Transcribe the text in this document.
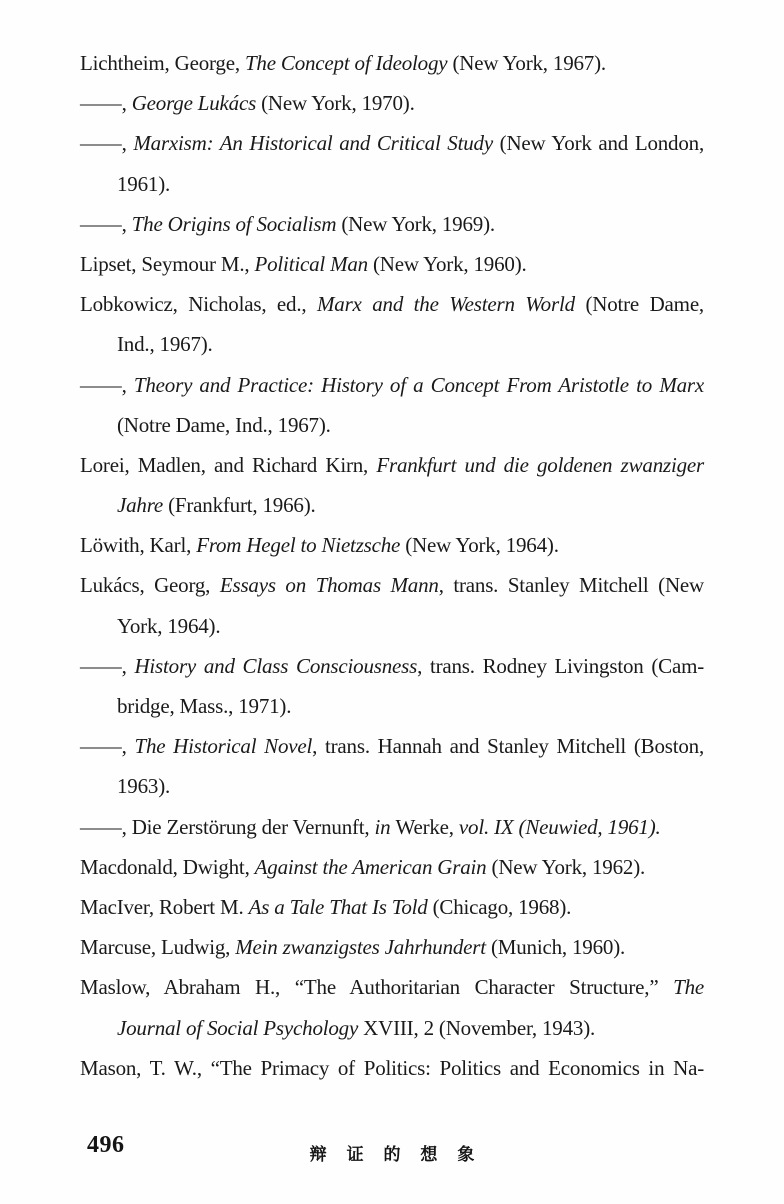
Lichtheim, George, The Concept of Ideology (New York, 1967).
——, George Lukács (New York, 1970).
——, Marxism: An Historical and Critical Study (New York and London,
1961).
——, The Origins of Socialism (New York, 1969).
Lipset, Seymour M., Political Man (New York, 1960).
Lobkowicz, Nicholas, ed., Marx and the Western World (Notre Dame,
Ind., 1967).
——, Theory and Practice: History of a Concept From Aristotle to Marx
(Notre Dame, Ind., 1967).
Lorei, Madlen, and Richard Kirn, Frankfurt und die goldenen zwanziger
Jahre (Frankfurt, 1966).
Löwith, Karl, From Hegel to Nietzsche (New York, 1964).
Lukács, Georg, Essays on Thomas Mann, trans. Stanley Mitchell (New
York, 1964).
——, History and Class Consciousness, trans. Rodney Livingston (Cam-
bridge, Mass., 1971).
——, The Historical Novel, trans. Hannah and Stanley Mitchell (Boston,
1963).
——, Die Zerstörung der Vernunft, in Werke, vol. IX (Neuwied, 1961).
Macdonald, Dwight, Against the American Grain (New York, 1962).
MacIver, Robert M. As a Tale That Is Told (Chicago, 1968).
Marcuse, Ludwig, Mein zwanzigstes Jahrhundert (Munich, 1960).
Maslow, Abraham H., “The Authoritarian Character Structure,” The
Journal of Social Psychology XVIII, 2 (November, 1943).
Mason, T. W., “The Primacy of Politics: Politics and Economics in Na-
496	辩 证 的 想 象
